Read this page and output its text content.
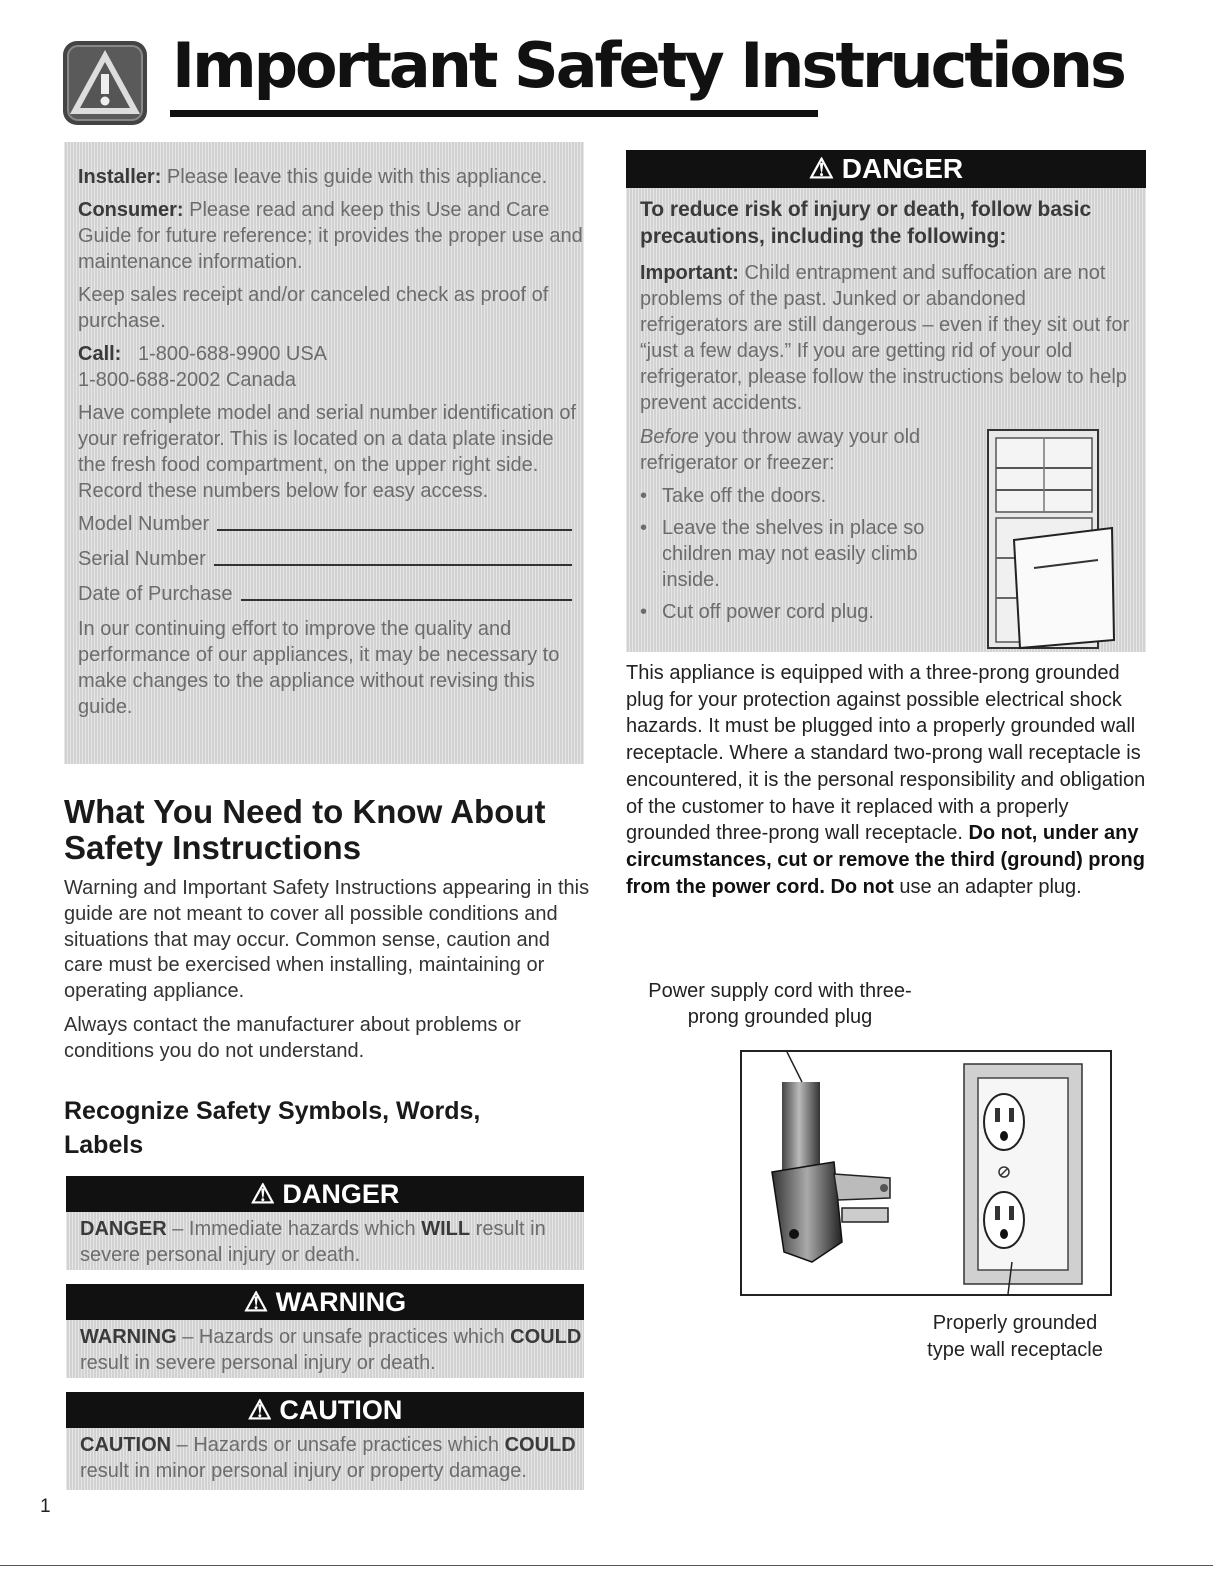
Important Safety Instructions

Installer: Please leave this guide with this appliance.

Consumer: Please read and keep this Use and Care Guide for future reference; it provides the proper use and maintenance information.

Keep sales receipt and/or canceled check as proof of purchase.

Call: 1-800-688-9900 USA

1-800-688-2002 Canada

Have complete model and serial number identification of your refrigerator. This is located on a data plate inside the fresh food compartment, on the upper right side. Record these numbers below for easy access.

Model Number
Serial Number
Date of Purchase

In our continuing effort to improve the quality and performance of our appliances, it may be necessary to make changes to the appliance without revising this guide.

What You Need to Know About Safety Instructions

Warning and Important Safety Instructions appearing in this guide are not meant to cover all possible conditions and situations that may occur. Common sense, caution and care must be exercised when installing, maintaining or operating appliance.

Always contact the manufacturer about problems or conditions you do not understand.

Recognize Safety Symbols, Words, Labels
⚠ DANGER

DANGER – Immediate hazards which WILL result in severe personal injury or death.

⚠ WARNING

WARNING – Hazards or unsafe practices which COULD result in severe personal injury or death.

⚠ CAUTION

CAUTION – Hazards or unsafe practices which COULD result in minor personal injury or property damage.

⚠ DANGER

To reduce risk of injury or death, follow basic precautions, including the following:

Important: Child entrapment and suffocation are not problems of the past. Junked or abandoned refrigerators are still dangerous – even if they sit out for “just a few days.” If you are getting rid of your old refrigerator, please follow the instructions below to help prevent accidents.

Before you throw away your old refrigerator or freezer:

• Take off the doors.
• Leave the shelves in place so children may not easily climb inside.
• Cut off power cord plug.

This appliance is equipped with a three-prong grounded plug for your protection against possible electrical shock hazards. It must be plugged into a properly grounded wall receptacle. Where a standard two-prong wall receptacle is encountered, it is the personal responsibility and obligation of the customer to have it replaced with a properly grounded three-prong wall receptacle. Do not, under any circumstances, cut or remove the third (ground) prong from the power cord. Do not use an adapter plug.

Power supply cord with three-prong grounded plug
Properly grounded type wall receptacle
1
